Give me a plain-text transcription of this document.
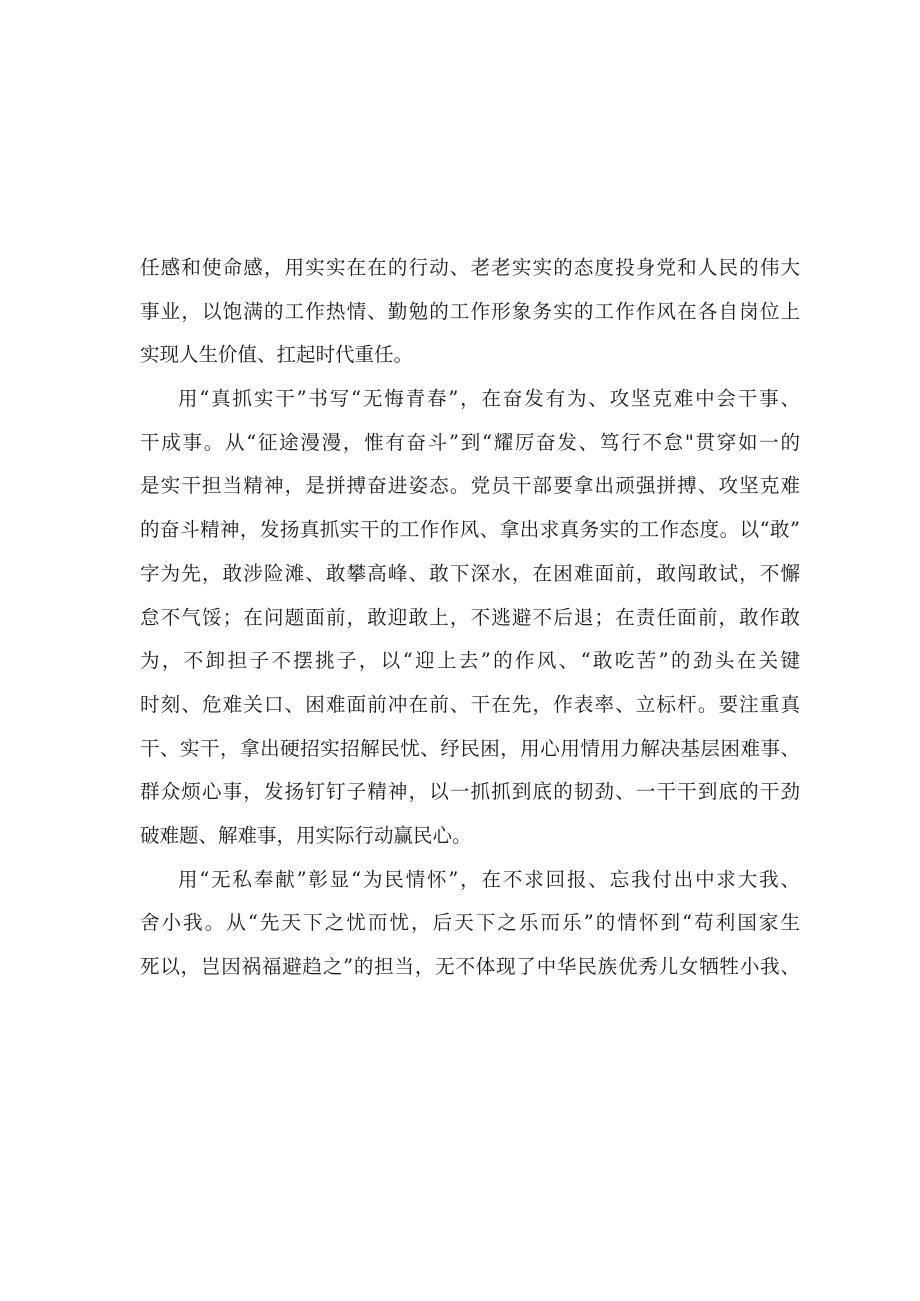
任感和使命感，用实实在在的行动、老老实实的态度投身党和人民的伟大
事业，以饱满的工作热情、勤勉的工作形象务实的工作作风在各自岗位上
实现人生价值、扛起时代重任。
用“真抓实干”书写“无悔青春”，在奋发有为、攻坚克难中会干事、
干成事。从“征途漫漫，惟有奋斗”到“耀厉奋发、笃行不怠"贯穿如一的
是实干担当精神，是拼搏奋进姿态。党员干部要拿出顽强拼搏、攻坚克难
的奋斗精神，发扬真抓实干的工作作风、拿出求真务实的工作态度。以“敢”
字为先，敢涉险滩、敢攀高峰、敢下深水，在困难面前，敢闯敢试，不懈
怠不气馁；在问题面前，敢迎敢上，不逃避不后退；在责任面前，敢作敢
为，不卸担子不摆挑子，以“迎上去”的作风、“敢吃苦”的劲头在关键
时刻、危难关口、困难面前冲在前、干在先，作表率、立标杆。要注重真
干、实干，拿出硬招实招解民忧、纾民困，用心用情用力解决基层困难事、
群众烦心事，发扬钉钉子精神，以一抓抓到底的韧劲、一干干到底的干劲
破难题、解难事，用实际行动赢民心。
用“无私奉献”彰显“为民情怀”，在不求回报、忘我付出中求大我、
舍小我。从“先天下之忧而忧，后天下之乐而乐”的情怀到“苟利国家生
死以，岂因祸福避趋之”的担当，无不体现了中华民族优秀儿女牺牲小我、
